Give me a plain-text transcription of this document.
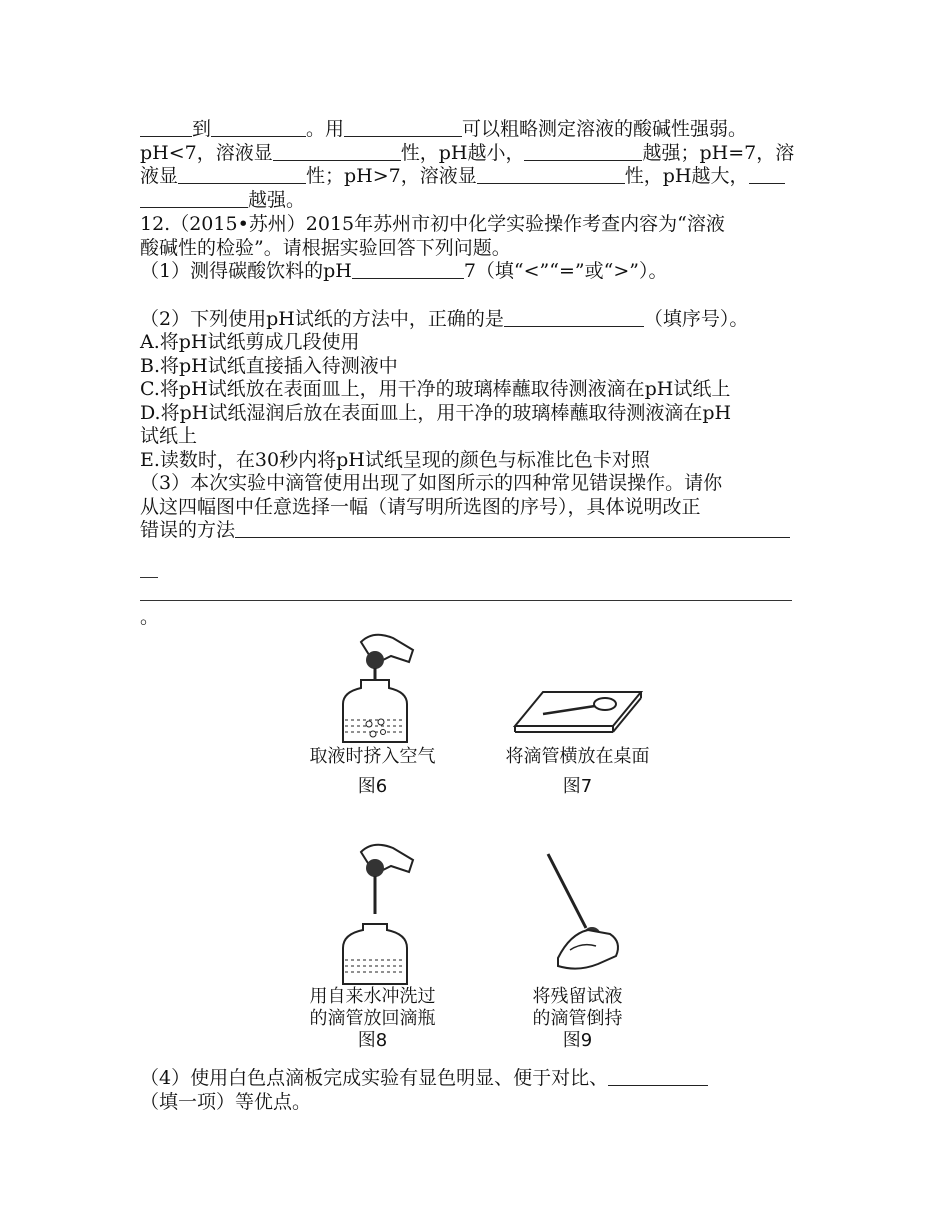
到	。用	可以粗略测定溶液的酸碱性强弱。
pH<7，溶液显	性，pH越小，	越强；pH=7，溶
液显	性；pH>7，溶液显	性，pH越大，
越强。
12.（2015•苏州）2015年苏州市初中化学实验操作考查内容为“溶液
酸碱性的检验”。请根据实验回答下列问题。
（1）测得碳酸饮料的pH	7（填“<”“=”或“>”）。
（2）下列使用pH试纸的方法中，正确的是	（填序号）。
A.将pH试纸剪成几段使用
B.将pH试纸直接插入待测液中
C.将pH试纸放在表面皿上，用干净的玻璃棒蘸取待测液滴在pH试纸上
D.将pH试纸湿润后放在表面皿上，用干净的玻璃棒蘸取待测液滴在pH
试纸上
E.读数时，在30秒内将pH试纸呈现的颜色与标准比色卡对照
（3）本次实验中滴管使用出现了如图所示的四种常见错误操作。请你
从这四幅图中任意选择一幅（请写明所选图的序号），具体说明改正
错误的方法
。
取液时挤入空气
图6
将滴管横放在桌面
图7
用自来水冲洗过
的滴管放回滴瓶
图8
将残留试液
的滴管倒持
图9
（4）使用白色点滴板完成实验有显色明显、便于对比、
（填一项）等优点。
